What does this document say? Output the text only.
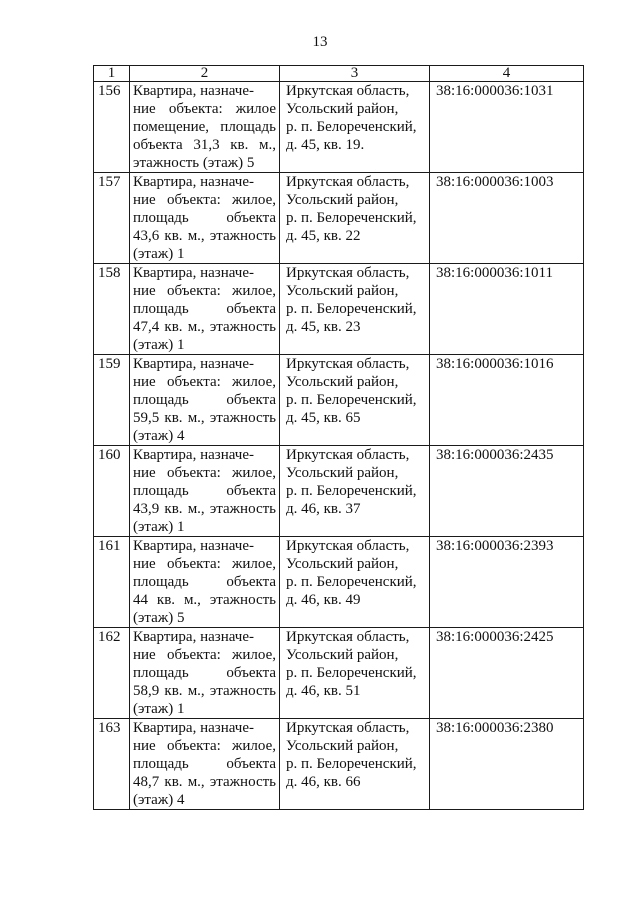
13
1	2	3	4
156	Квартира, назначе-
ние объекта: жилое
помещение, площадь
объекта 31,3 кв. м.,
этажность (этаж) 5	Иркутская область,
Усольский район,
р. п. Белореченский,
д. 45, кв. 19.	38:16:000036:1031
157	Квартира, назначе-
ние объекта: жилое,
площадь объекта
43,6 кв. м., этажность
(этаж) 1	Иркутская область,
Усольский район,
р. п. Белореченский,
д. 45, кв. 22	38:16:000036:1003
158	Квартира, назначе-
ние объекта: жилое,
площадь объекта
47,4 кв. м., этажность
(этаж) 1	Иркутская область,
Усольский район,
р. п. Белореченский,
д. 45, кв. 23	38:16:000036:1011
159	Квартира, назначе-
ние объекта: жилое,
площадь объекта
59,5 кв. м., этажность
(этаж) 4	Иркутская область,
Усольский район,
р. п. Белореченский,
д. 45, кв. 65	38:16:000036:1016
160	Квартира, назначе-
ние объекта: жилое,
площадь объекта
43,9 кв. м., этажность
(этаж) 1	Иркутская область,
Усольский район,
р. п. Белореченский,
д. 46, кв. 37	38:16:000036:2435
161	Квартира, назначе-
ние объекта: жилое,
площадь объекта
44 кв. м., этажность
(этаж) 5	Иркутская область,
Усольский район,
р. п. Белореченский,
д. 46, кв. 49	38:16:000036:2393
162	Квартира, назначе-
ние объекта: жилое,
площадь объекта
58,9 кв. м., этажность
(этаж) 1	Иркутская область,
Усольский район,
р. п. Белореченский,
д. 46, кв. 51	38:16:000036:2425
163	Квартира, назначе-
ние объекта: жилое,
площадь объекта
48,7 кв. м., этажность
(этаж) 4	Иркутская область,
Усольский район,
р. п. Белореченский,
д. 46, кв. 66	38:16:000036:2380
